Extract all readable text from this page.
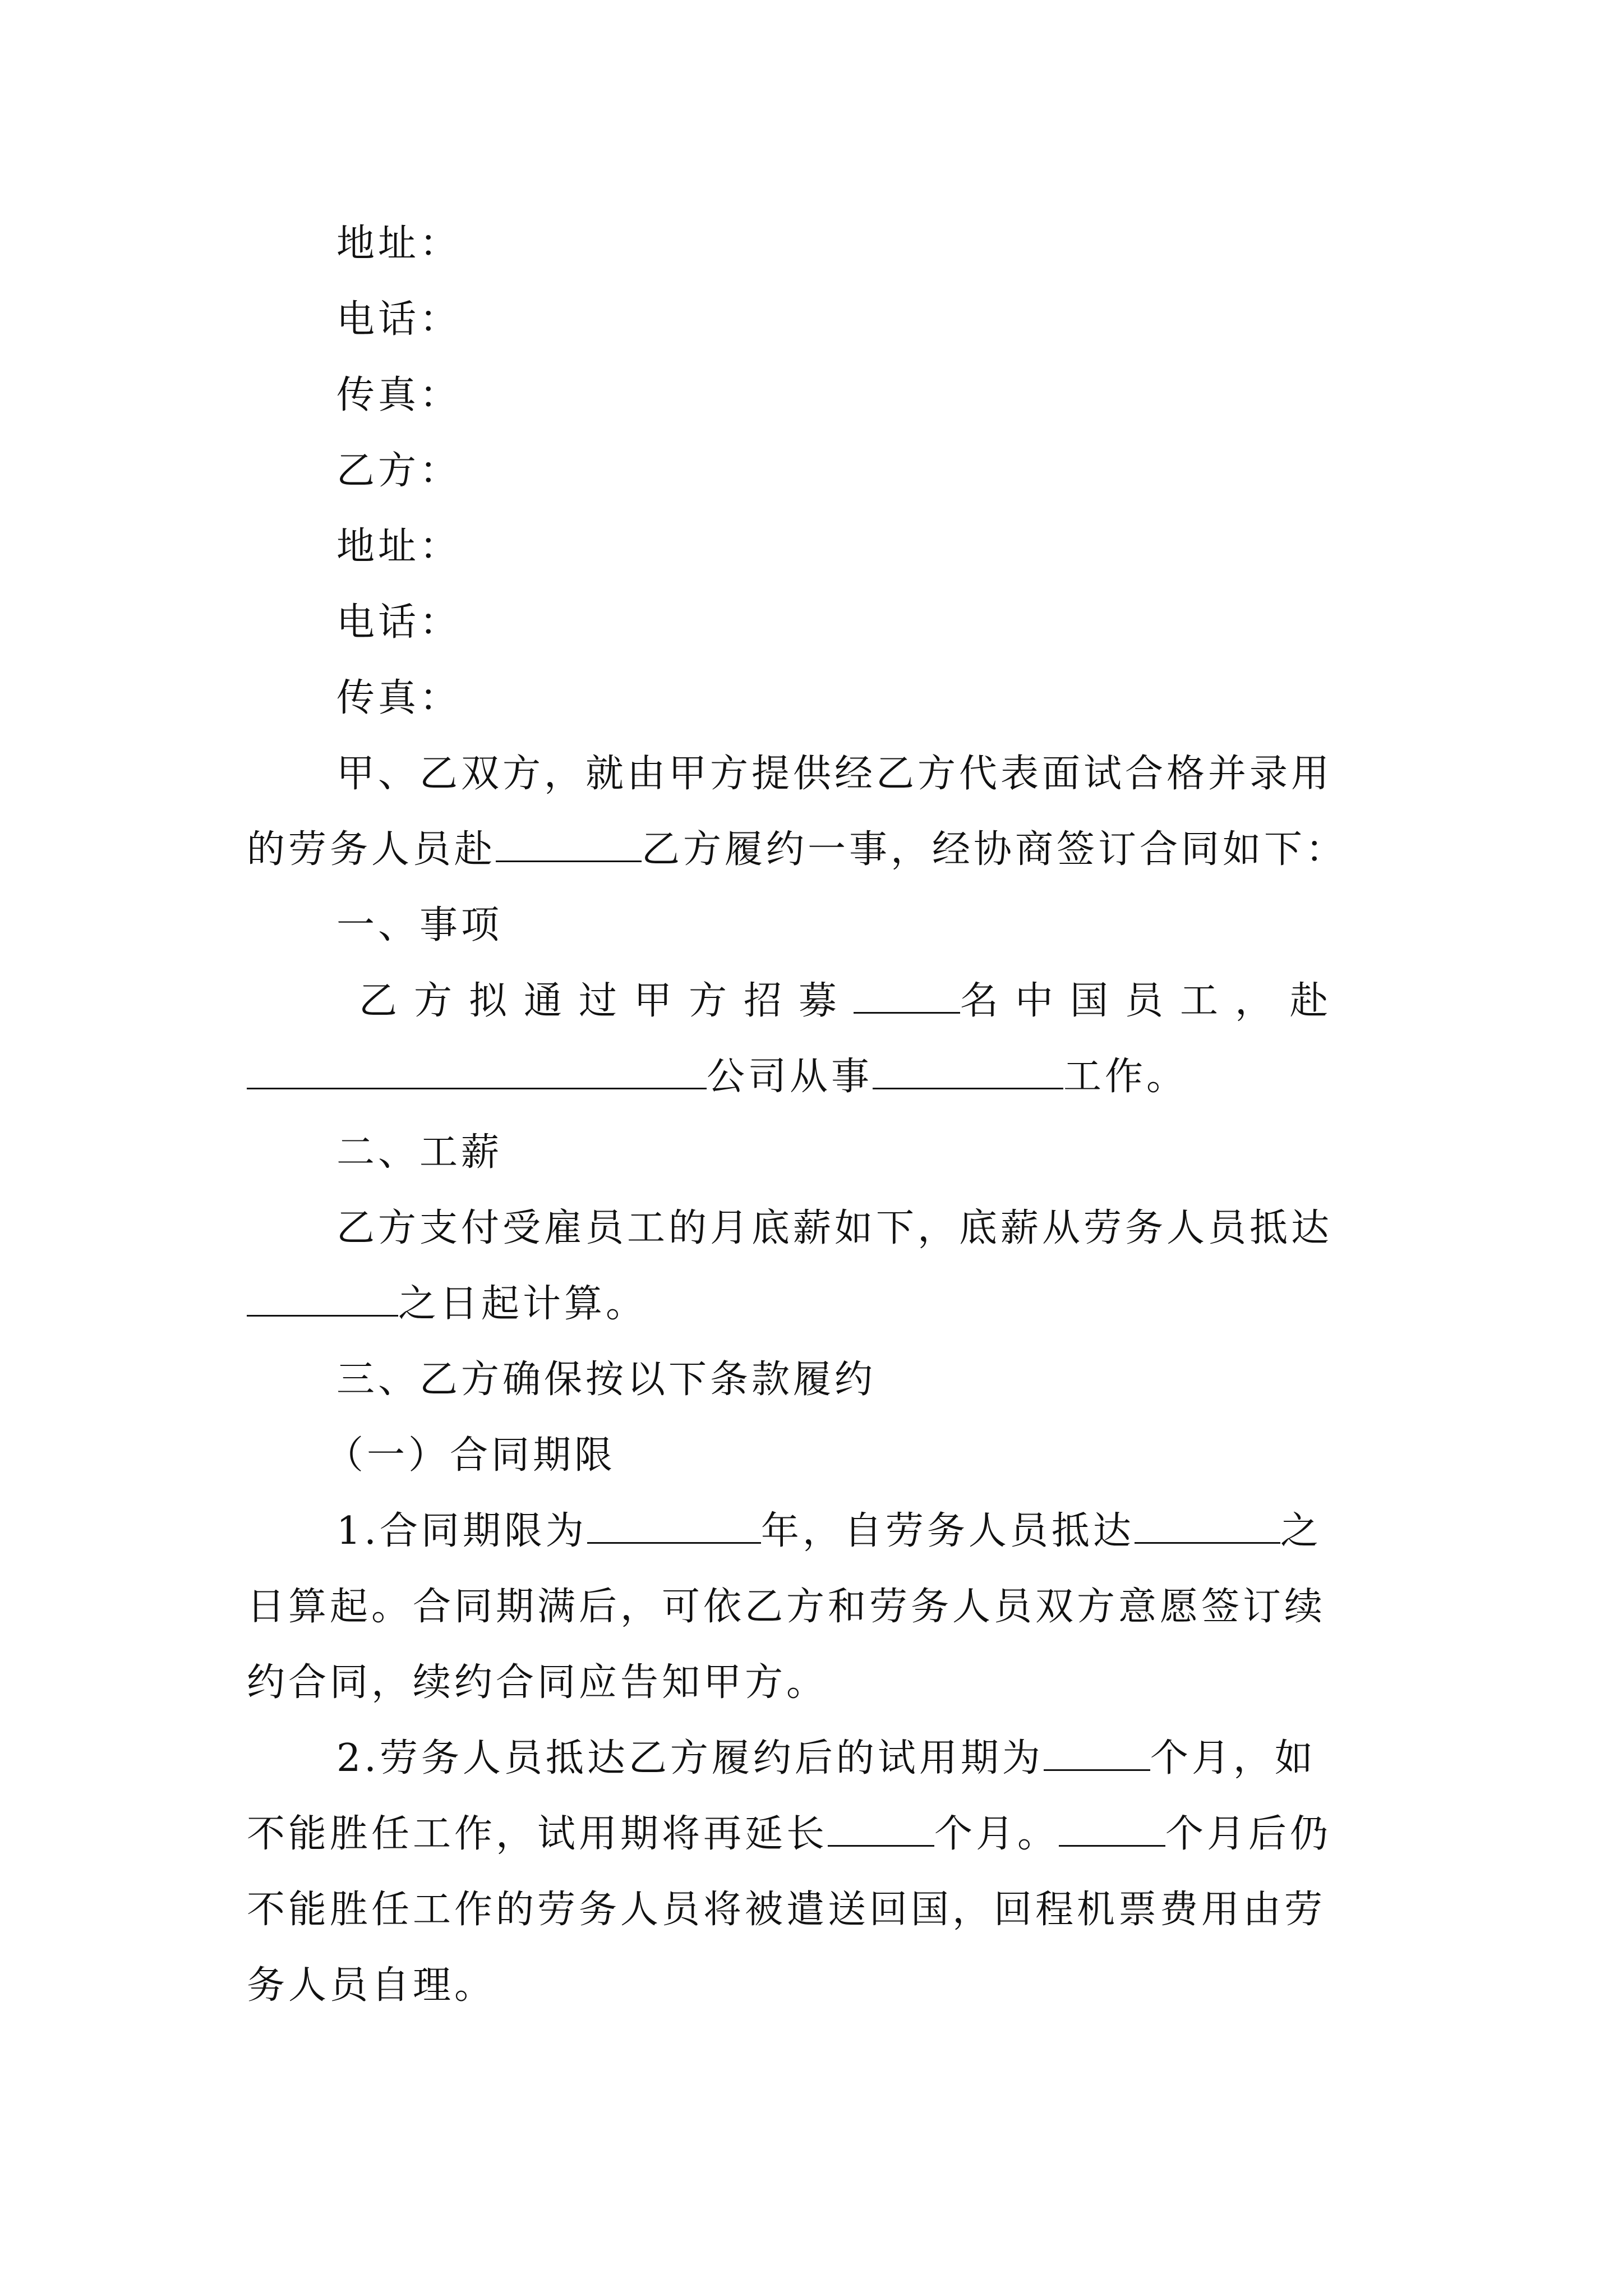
地址：
电话：
传真：
乙方：
地址：
电话：
传真：
甲、乙双方，就由甲方提供经乙方代表面试合格并录用
的劳务人员赴	乙方履约一事，经协商签订合同如下：
一、事项
乙方拟通过甲方招募	名中国员工，赴
公司从事	工作。
二、工薪
乙方支付受雇员工的月底薪如下，底薪从劳务人员抵达
之日起计算。
三、乙方确保按以下条款履约
（一）合同期限
1.合同期限为	年，自劳务人员抵达	之
日算起。合同期满后，可依乙方和劳务人员双方意愿签订续
约合同，续约合同应告知甲方。
2.劳务人员抵达乙方履约后的试用期为	个月，如
不能胜任工作，试用期将再延长	个月。	个月后仍
不能胜任工作的劳务人员将被遣送回国，回程机票费用由劳
务人员自理。
